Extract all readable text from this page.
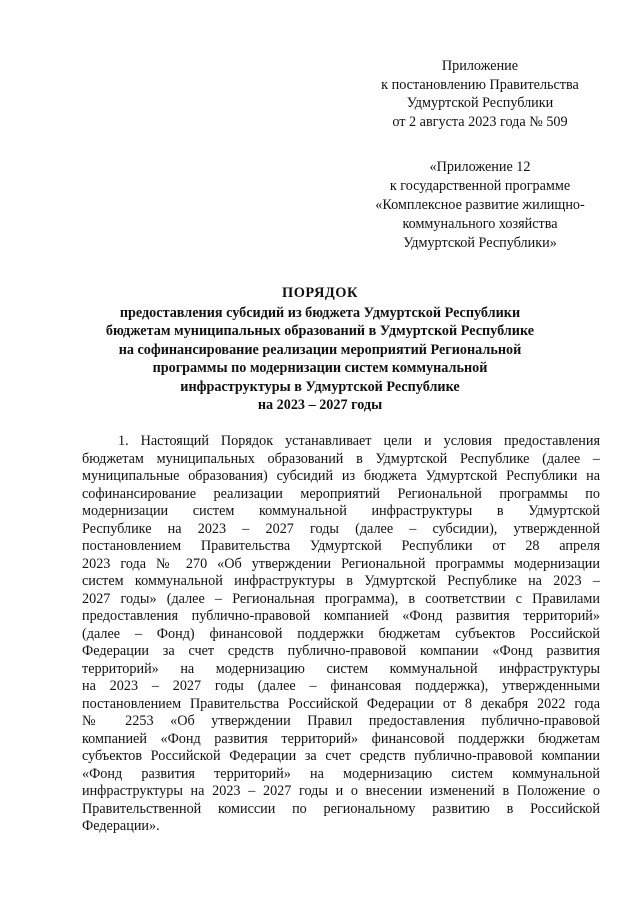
Приложение
к постановлению Правительства
Удмуртской Республики
от 2 августа 2023 года № 509
«Приложение 12
к государственной программе
«Комплексное развитие жилищно-
коммунального хозяйства
Удмуртской Республики»
ПОРЯДОК
предоставления субсидий из бюджета Удмуртской Республики
бюджетам муниципальных образований в Удмуртской Республике
на софинансирование реализации мероприятий Региональной
программы по модернизации систем коммунальной
инфраструктуры в Удмуртской Республике
на 2023 – 2027 годы
1. Настоящий Порядок устанавливает цели и условия предоставления
бюджетам муниципальных образований в Удмуртской Республике (далее –
муниципальные образования) субсидий из бюджета Удмуртской Республики на
софинансирование реализации мероприятий Региональной программы по
модернизации систем коммунальной инфраструктуры в Удмуртской
Республике на 2023 – 2027 годы (далее – субсидии), утвержденной
постановлением Правительства Удмуртской Республики от 28 апреля
2023 года № 270 «Об утверждении Региональной программы модернизации
систем коммунальной инфраструктуры в Удмуртской Республике на 2023 –
2027 годы» (далее – Региональная программа), в соответствии с Правилами
предоставления публично-правовой компанией «Фонд развития территорий»
(далее – Фонд) финансовой поддержки бюджетам субъектов Российской
Федерации за счет средств публично-правовой компании «Фонд развития
территорий» на модернизацию систем коммунальной инфраструктуры
на 2023 – 2027 годы (далее – финансовая поддержка), утвержденными
постановлением Правительства Российской Федерации от 8 декабря 2022 года
№ 2253 «Об утверждении Правил предоставления публично-правовой
компанией «Фонд развития территорий» финансовой поддержки бюджетам
субъектов Российской Федерации за счет средств публично-правовой компании
«Фонд развития территорий» на модернизацию систем коммунальной
инфраструктуры на 2023 – 2027 годы и о внесении изменений в Положение о
Правительственной комиссии по региональному развитию в Российской
Федерации».
